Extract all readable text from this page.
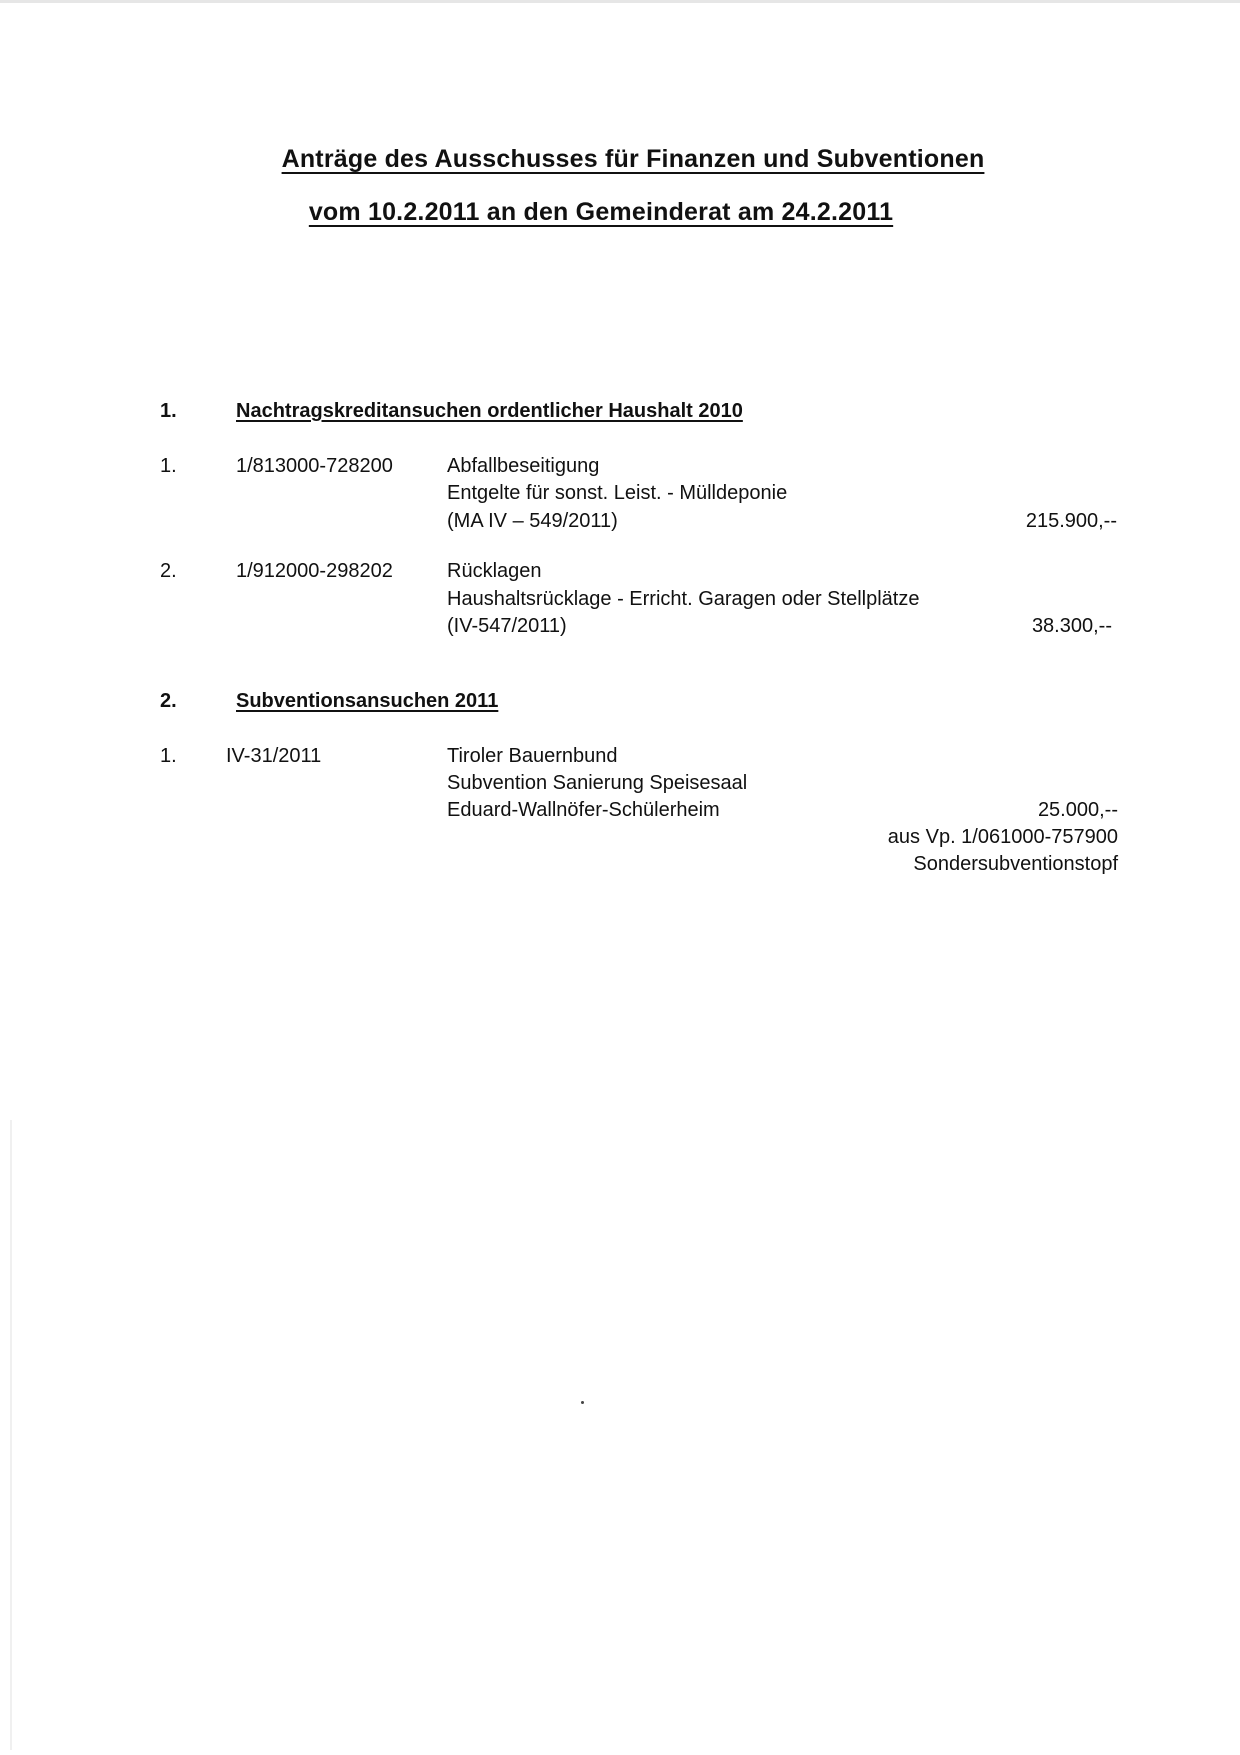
Anträge des Ausschusses für Finanzen und Subventionen
vom 10.2.2011 an den Gemeinderat am 24.2.2011
1.	Nachtragskreditansuchen ordentlicher Haushalt 2010
1.	1/813000-728200	Abfallbeseitigung
Entgelte für sonst. Leist. - Mülldeponie
(MA IV – 549/2011)	215.900,--
2.	1/912000-298202	Rücklagen
Haushaltsrücklage - Erricht. Garagen oder Stellplätze
(IV-547/2011)	38.300,--
2.	Subventionsansuchen 2011
1. IV-31/2011	Tiroler Bauernbund
Subvention Sanierung Speisesaal
Eduard-Wallnöfer-Schülerheim	25.000,--
aus Vp. 1/061000-757900
Sondersubventionstopf
